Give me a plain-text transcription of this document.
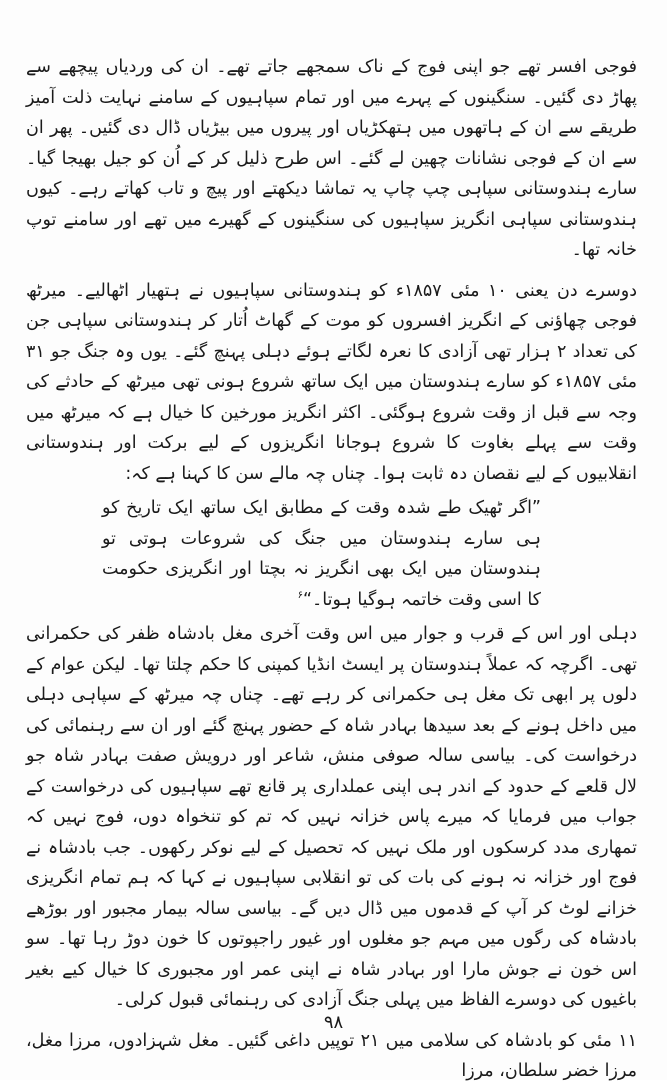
فوجی افسر تھے جو اپنی فوج کے ناک سمجھے جاتے تھے۔ ان کی وردیاں پیچھے سے پھاڑ دی گئیں۔ سنگینوں کے پہرے میں اور تمام سپاہیوں کے سامنے نہایت ذلت آمیز طریقے سے ان کے ہاتھوں میں ہتھکڑیاں اور پیروں میں بیڑیاں ڈال دی گئیں۔ پھر ان سے ان کے فوجی نشانات چھین لے گئے۔ اس طرح ذلیل کر کے اُن کو جیل بھیجا گیا۔ سارے ہندوستانی سپاہی چپ چاپ یہ تماشا دیکھتے اور پیچ و تاب کھاتے رہے۔ کیوں ہندوستانی سپاہی انگریز سپاہیوں کی سنگینوں کے گھیرے میں تھے اور سامنے توپ خانہ تھا۔

دوسرے دن یعنی ۱۰ مئی ۱۸۵۷ء کو ہندوستانی سپاہیوں نے ہتھیار اٹھالیے۔ میرٹھ فوجی چھاؤنی کے انگریز افسروں کو موت کے گھاٹ اُتار کر ہندوستانی سپاہی جن کی تعداد ۲ ہزار تھی آزادی کا نعرہ لگاتے ہوئے دہلی پہنچ گئے۔ یوں وہ جنگ جو ۳۱ مئی ۱۸۵۷ء کو سارے ہندوستان میں ایک ساتھ شروع ہونی تھی میرٹھ کے حادثے کی وجہ سے قبل از وقت شروع ہوگئی۔ اکثر انگریز مورخین کا خیال ہے کہ میرٹھ میں وقت سے پہلے بغاوت کا شروع ہوجانا انگریزوں کے لیے برکت اور ہندوستانی انقلابیوں کے لیے نقصان دہ ثابت ہوا۔ چناں چہ مالے سن کا کہنا ہے کہ:

”اگر ٹھیک طے شدہ وقت کے مطابق ایک ساتھ ایک تاریخ کو ہی سارے ہندوستان میں جنگ کی شروعات ہوتی تو ہندوستان میں ایک بھی انگریز نہ بچتا اور انگریزی حکومت کا اسی وقت خاتمہ ہوگیا ہوتا۔“$^۶$

دہلی اور اس کے قرب و جوار میں اس وقت آخری مغل بادشاہ ظفر کی حکمرانی تھی۔ اگرچہ کہ عملاً ہندوستان پر ایسٹ انڈیا کمپنی کا حکم چلتا تھا۔ لیکن عوام کے دلوں پر ابھی تک مغل ہی حکمرانی کر رہے تھے۔ چناں چہ میرٹھ کے سپاہی دہلی میں داخل ہونے کے بعد سیدھا بہادر شاہ کے حضور پہنچ گئے اور ان سے رہنمائی کی درخواست کی۔ بیاسی سالہ صوفی منش، شاعر اور درویش صفت بہادر شاہ جو لال قلعے کے حدود کے اندر ہی اپنی عملداری پر قانع تھے سپاہیوں کی درخواست کے جواب میں فرمایا کہ میرے پاس خزانہ نہیں کہ تم کو تنخواہ دوں، فوج نہیں کہ تمھاری مدد کرسکوں اور ملک نہیں کہ تحصیل کے لیے نوکر رکھوں۔ جب بادشاہ نے فوج اور خزانہ نہ ہونے کی بات کی تو انقلابی سپاہیوں نے کہا کہ ہم تمام انگریزی خزانے لوٹ کر آپ کے قدموں میں ڈال دیں گے۔ بیاسی سالہ بیمار مجبور اور بوڑھے بادشاہ کی رگوں میں مہم جو مغلوں اور غیور راجپوتوں کا خون دوڑ رہا تھا۔ سو اس خون نے جوش مارا اور بہادر شاہ نے اپنی عمر اور مجبوری کا خیال کیے بغیر باغیوں کی دوسرے الفاظ میں پہلی جنگ آزادی کی رہنمائی قبول کرلی۔

۱۱ مئی کو بادشاہ کی سلامی میں ۲۱ توپیں داغی گئیں۔ مغل شہزادوں، مرزا مغل، مرزا خضر سلطان، مرزا

۹۸
